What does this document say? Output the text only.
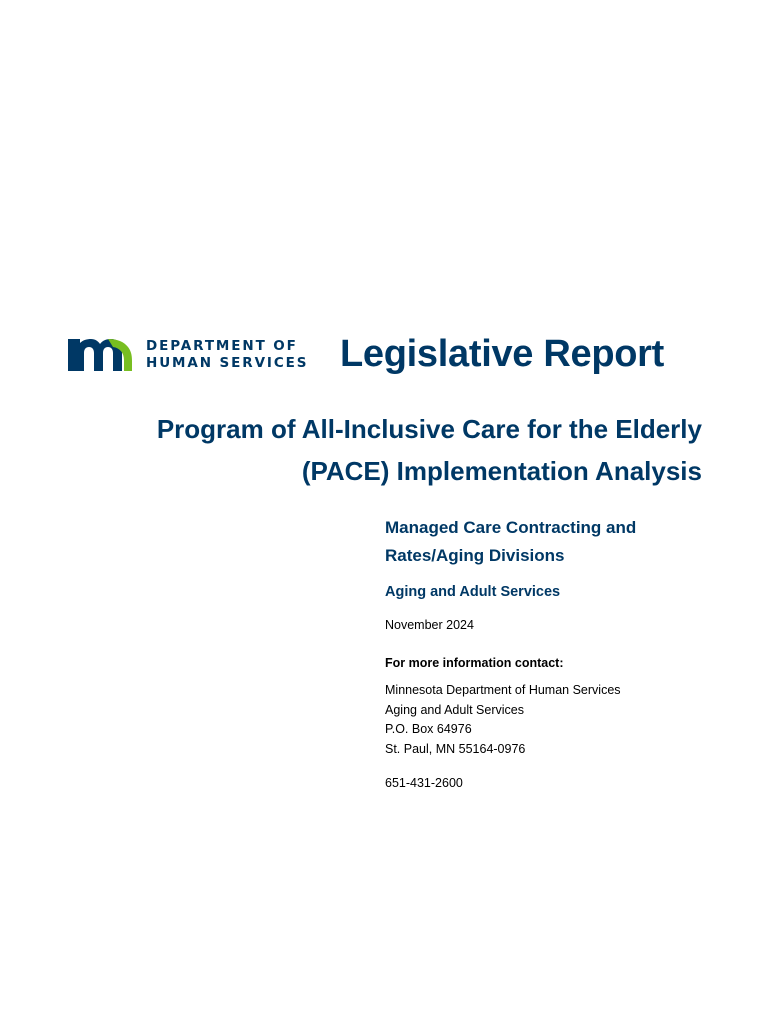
DEPARTMENT OF
HUMAN SERVICES Legislative Report
Program of All-Inclusive Care for the Elderly
(PACE) Implementation Analysis
Managed Care Contracting and
Rates/Aging Divisions
Aging and Adult Services
November 2024
For more information contact:
Minnesota Department of Human Services
Aging and Adult Services
P.O. Box 64976
St. Paul, MN 55164-0976
651-431-2600
